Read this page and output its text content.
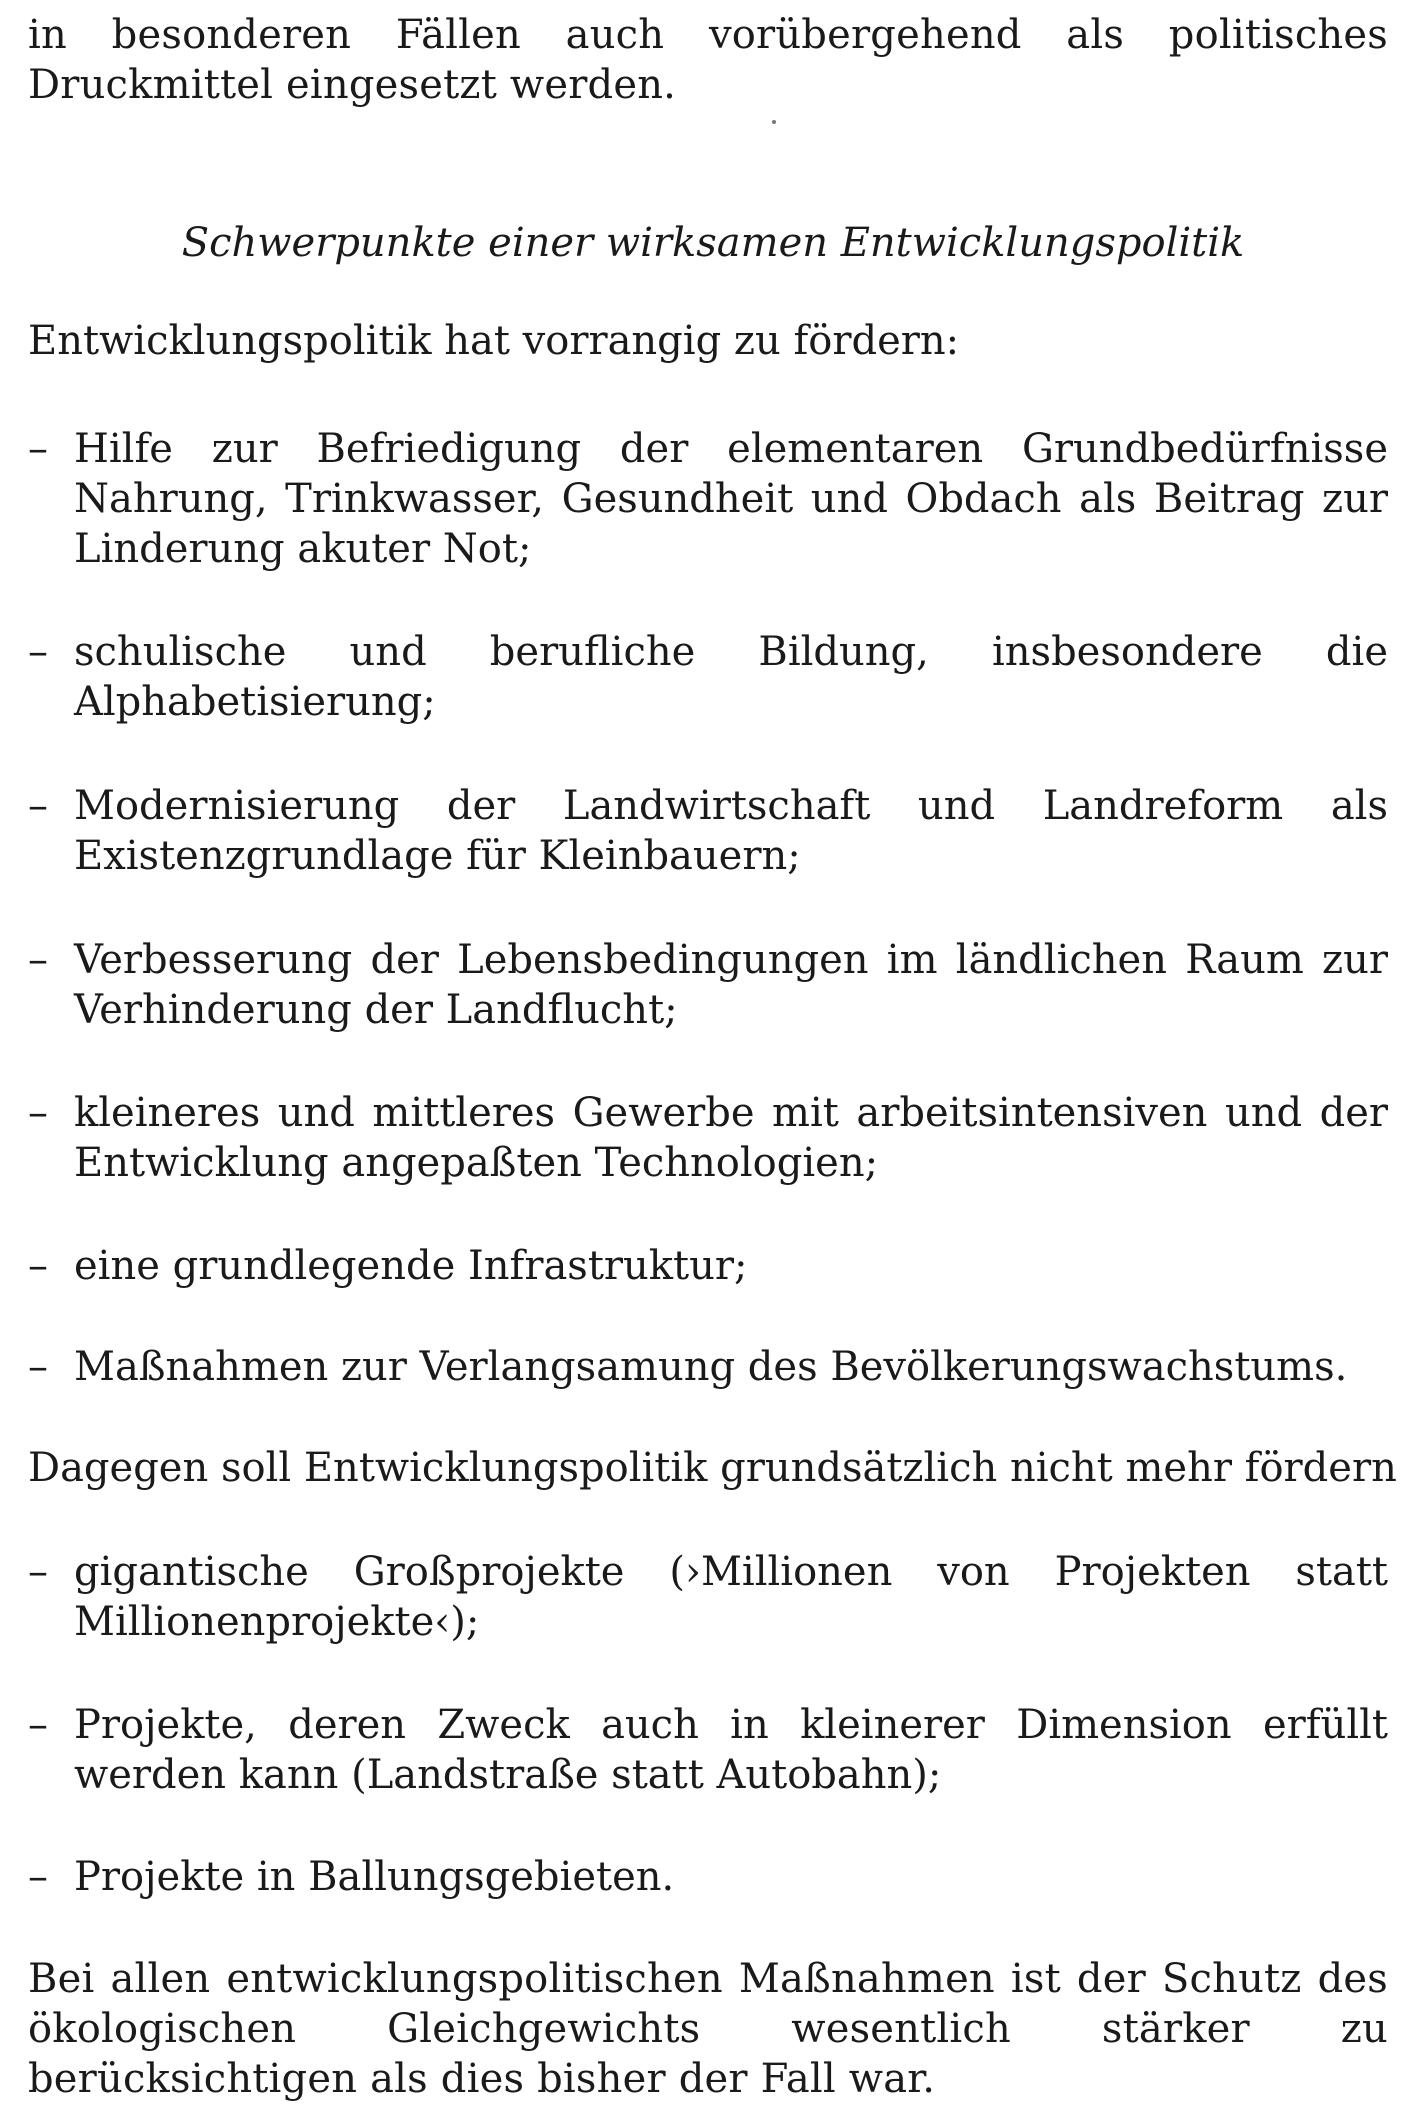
in besonderen Fällen auch vorübergehend als politisches Druckmittel eingesetzt werden.
Schwerpunkte einer wirksamen Entwicklungspolitik
Entwicklungspolitik hat vorrangig zu fördern:
– Hilfe zur Befriedigung der elementaren Grundbedürfnisse Nahrung, Trinkwasser, Gesundheit und Obdach als Beitrag zur Linderung akuter Not;
– schulische und berufliche Bildung, insbesondere die Alphabetisierung;
– Modernisierung der Landwirtschaft und Landreform als Existenzgrundlage für Kleinbauern;
– Verbesserung der Lebensbedingungen im ländlichen Raum zur Verhinderung der Landflucht;
– kleineres und mittleres Gewerbe mit arbeitsintensiven und der Entwicklung angepaßten Technologien;
– eine grundlegende Infrastruktur;
– Maßnahmen zur Verlangsamung des Bevölkerungswachstums.
Dagegen soll Entwicklungspolitik grundsätzlich nicht mehr fördern
– gigantische Großprojekte (›Millionen von Projekten statt Millionenprojekte‹);
– Projekte, deren Zweck auch in kleinerer Dimension erfüllt werden kann (Landstraße statt Autobahn);
– Projekte in Ballungsgebieten.
Bei allen entwicklungspolitischen Maßnahmen ist der Schutz des ökologischen Gleichgewichts wesentlich stärker zu berücksichtigen als dies bisher der Fall war.
